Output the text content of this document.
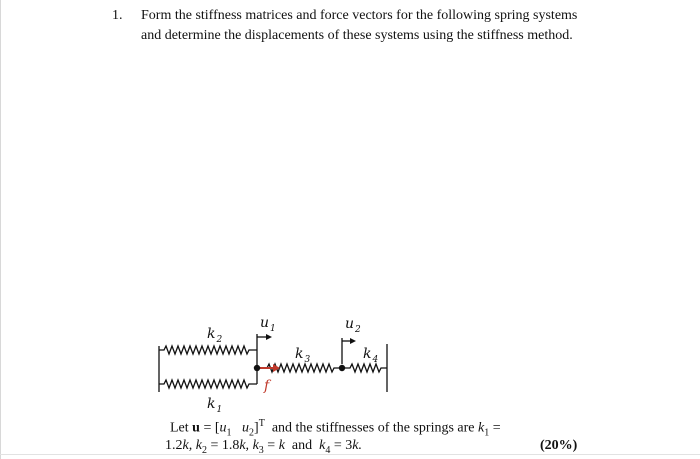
1. Form the stiffness matrices and force vectors for the following spring systems
and determine the displacements of these systems using the stiffness method.
$k_2$
$u_1$	$u_2$
$k_3$	$k_4$
f
$k_1$
Let $u = [u_1$ $u_2]^T$ and the stiffnesses of the springs are $k_1$ =
1.2k, $k_2 = 1.8k$, $k_3 = k$ and $k_4 = 3k$.	(20%)
